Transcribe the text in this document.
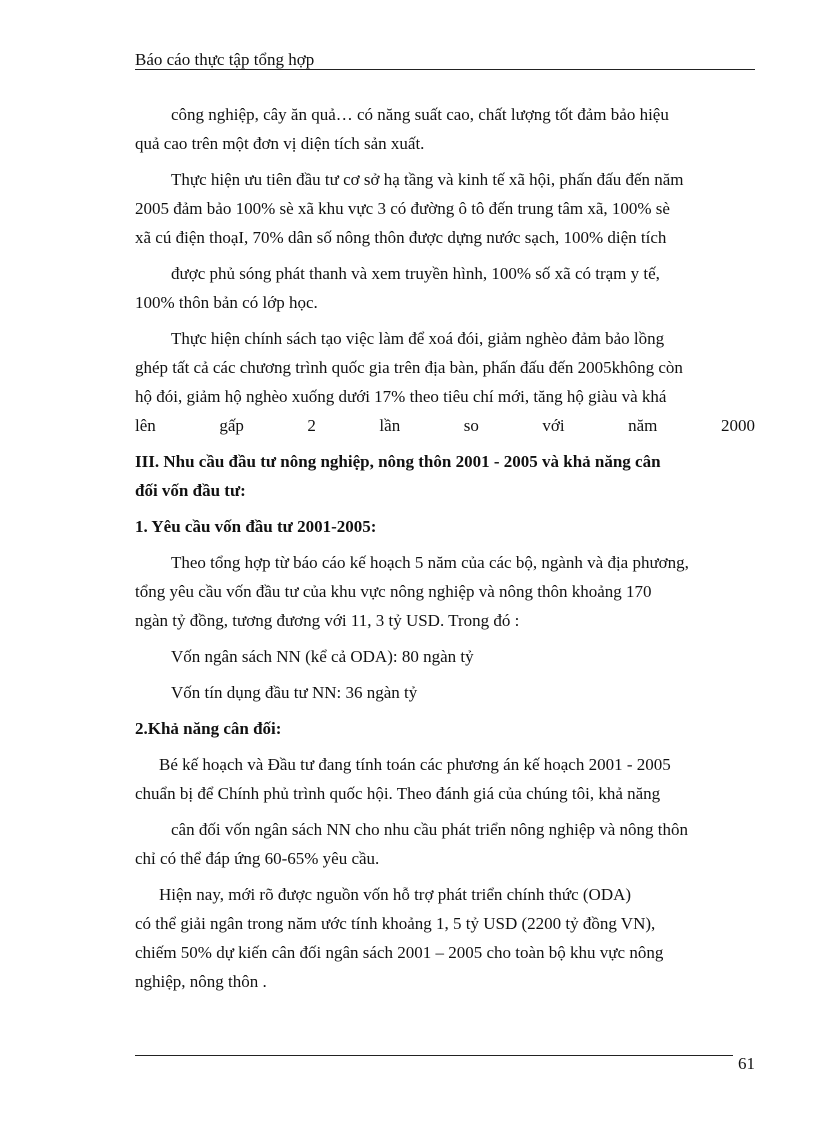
Báo cáo thực tập tổng hợp
công nghiệp, cây ăn quả… có năng suất cao, chất lượng tốt đảm bảo hiệu
quả cao trên một đơn vị diện tích sản xuất.
Thực hiện ưu tiên đầu tư cơ sở hạ tầng và kinh tế xã hội, phấn đấu đến năm
2005 đảm bảo 100% sè xã khu vực 3 có đường ô tô đến trung tâm xã, 100% sè
xã cú điện thoạI, 70% dân số nông thôn được dựng nước sạch, 100% diện tích
được phủ sóng phát thanh và xem truyền hình, 100% số xã có trạm y tế,
100% thôn bản có lớp học.
Thực hiện chính sách tạo việc làm để xoá đói, giảm nghèo đảm bảo lồng
ghép tất cả các chương trình quốc gia trên địa bàn, phấn đấu đến 2005không còn
hộ đói, giảm hộ nghèo xuống dưới 17% theo tiêu chí mới, tăng hộ giàu và khá
lên	gấp	2	lần	so	với	năm	2000
III. Nhu cầu đầu tư nông nghiệp, nông thôn 2001 - 2005 và khả năng cân
đối vốn đầu tư:
1. Yêu cầu vốn đầu tư 2001-2005:
Theo tổng hợp từ báo cáo kế hoạch 5 năm của các bộ, ngành và địa phương,
tổng yêu cầu vốn đầu tư của khu vực nông nghiệp và nông thôn khoảng 170
ngàn tỷ đồng, tương đương với 11, 3 tỷ USD. Trong đó :
Vốn ngân sách NN (kể cả ODA): 80 ngàn tỷ
Vốn tín dụng đầu tư NN: 36 ngàn tỷ
2.Khả năng cân đối:
Bé kế hoạch và Đầu tư đang tính toán các phương án kế hoạch 2001 - 2005
chuẩn bị để Chính phủ trình quốc hội. Theo đánh giá của chúng tôi, khả năng
cân đối vốn ngân sách NN cho nhu cầu phát triển nông nghiệp và nông thôn
chỉ có thể đáp ứng 60-65% yêu cầu.
Hiện nay, mới rõ được nguồn vốn hỗ trợ phát triển chính thức (ODA)
có thể giải ngân trong năm ước tính khoảng 1, 5 tỷ USD (2200 tỷ đồng VN),
chiếm 50% dự kiến cân đối ngân sách 2001 – 2005 cho toàn bộ khu vực nông
nghiệp, nông thôn .
61
